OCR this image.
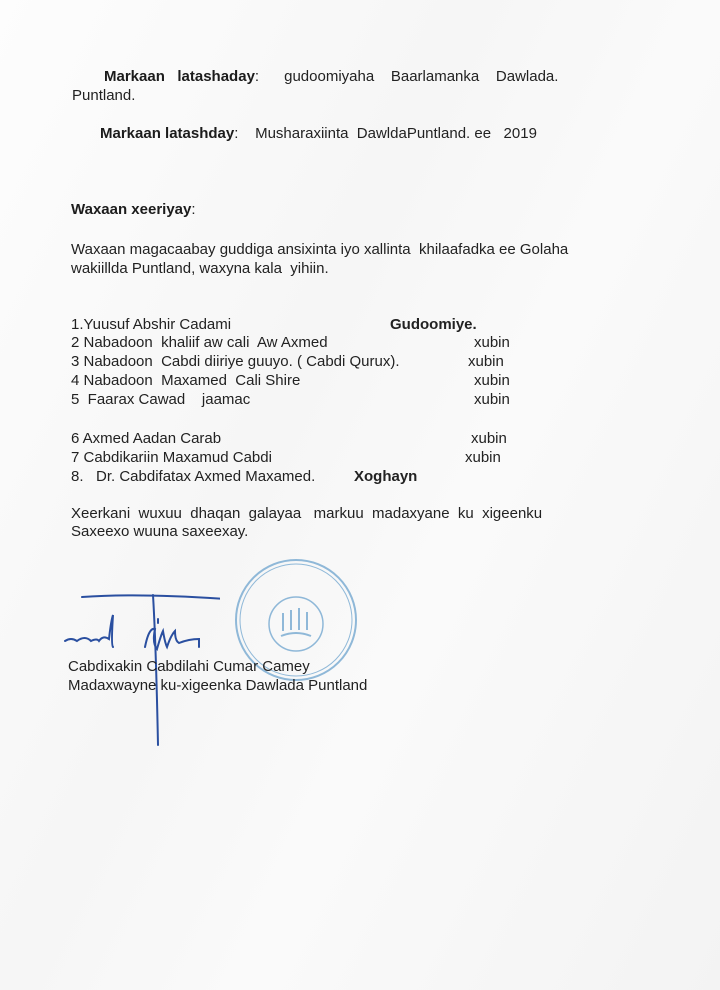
Markaan   latashaday:      gudoomiyaha    Baarlamanka    Dawlada.
Puntland.
Markaan latashday:    Musharaxiinta  DawldaPuntland. ee   2019
Waxaan xeeriyay:
Waxaan magacaabay guddiga ansixinta iyo xallinta  khilaafadka ee Golaha
wakiillda Puntland, waxyna kala  yihiin.
1.Yuusuf Abshir Cadami	Gudoomiye.
2 Nabadoon  khaliif aw cali  Aw Axmed	xubin
3 Nabadoon  Cabdi diiriye guuyo. ( Cabdi Qurux).	xubin
4 Nabadoon  Maxamed  Cali Shire	xubin
5  Faarax Cawad    jaamac	xubin
6 Axmed Aadan Carab	xubin
7 Cabdikariin Maxamud Cabdi	xubin
8.   Dr. Cabdifatax Axmed Maxamed.	Xoghayn
Xeerkani  wuxuu  dhaqan  galayaa   markuu  madaxyane  ku  xigeenku
Saxeexo wuuna saxeexay.
Cabdixakin Cabdilahi Cumar Camey
Madaxwayne ku-xigeenka Dawlada Puntland
